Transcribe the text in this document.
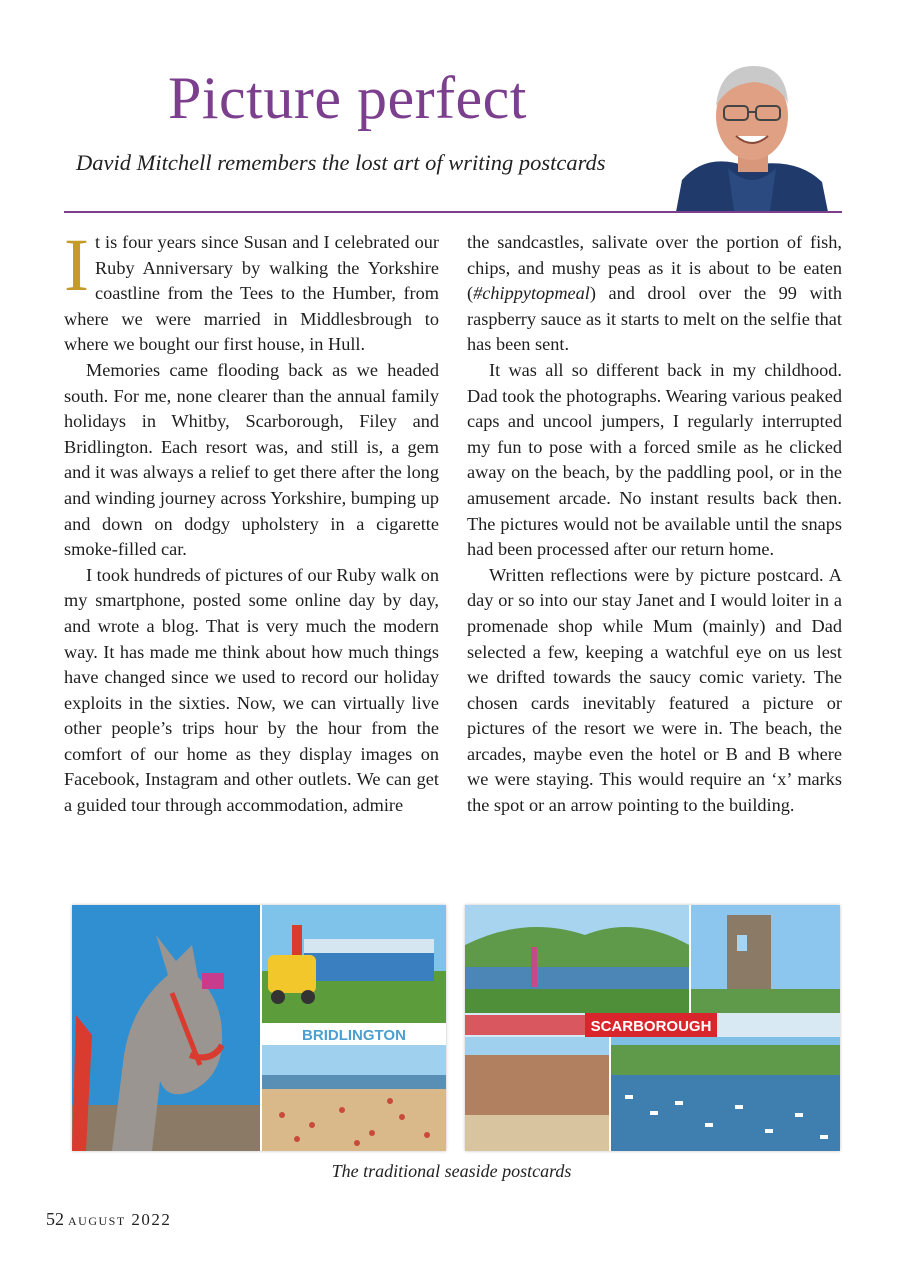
Picture perfect

David Mitchell remembers the lost art of writing postcards

It is four years since Susan and I celebrated our Ruby Anniversary by walking the Yorkshire coastline from the Tees to the Humber, from where we were married in Middlesbrough to where we bought our first house, in Hull.

Memories came flooding back as we headed south. For me, none clearer than the annual family holidays in Whitby, Scarborough, Filey and Bridlington. Each resort was, and still is, a gem and it was always a relief to get there after the long and winding journey across Yorkshire, bumping up and down on dodgy upholstery in a cigarette smoke-filled car.

I took hundreds of pictures of our Ruby walk on my smartphone, posted some online day by day, and wrote a blog. That is very much the modern way. It has made me think about how much things have changed since we used to record our holiday exploits in the sixties. Now, we can virtually live other people’s trips hour by the hour from the comfort of our home as they display images on Facebook, Instagram and other outlets. We can get a guided tour through accommodation, admire

the sandcastles, salivate over the portion of fish, chips, and mushy peas as it is about to be eaten (#chippytopmeal) and drool over the 99 with raspberry sauce as it starts to melt on the selfie that has been sent.

It was all so different back in my childhood. Dad took the photographs. Wearing various peaked caps and uncool jumpers, I regularly interrupted my fun to pose with a forced smile as he clicked away on the beach, by the paddling pool, or in the amusement arcade. No instant results back then. The pictures would not be available until the snaps had been processed after our return home.

Written reflections were by picture postcard. A day or so into our stay Janet and I would loiter in a promenade shop while Mum (mainly) and Dad selected a few, keeping a watchful eye on us lest we drifted towards the saucy comic variety. The chosen cards inevitably featured a picture or pictures of the resort we were in. The beach, the arcades, maybe even the hotel or B and B where we were staying. This would require an ‘x’ marks the spot or an arrow pointing to the building.

BRIDLINGTON
SCARBOROUGH
The traditional seaside postcards
52 august 2022
